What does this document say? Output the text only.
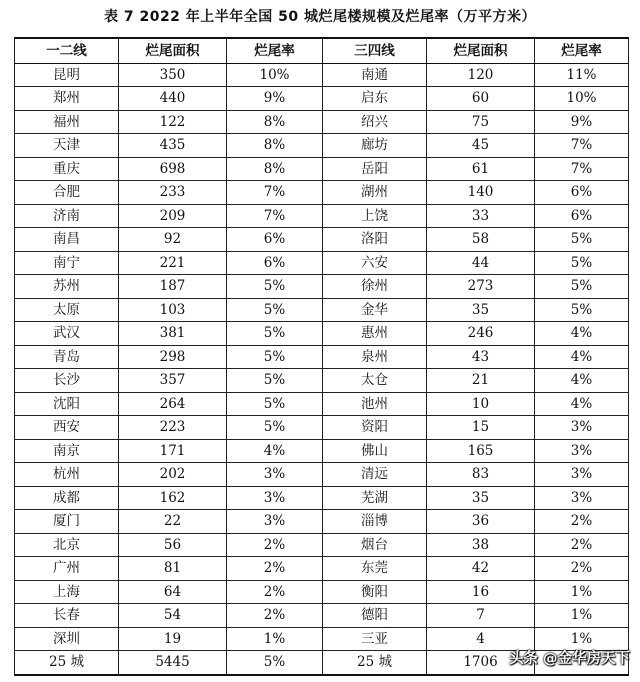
表 7 2022 年上半年全国 50 城烂尾楼规模及烂尾率（万平方米）
一二线	烂尾面积	烂尾率	三四线	烂尾面积	烂尾率
昆明	350	10%	南通	120	11%
郑州	440	9%	启东	60	10%
福州	122	8%	绍兴	75	9%
天津	435	8%	廊坊	45	7%
重庆	698	8%	岳阳	61	7%
合肥	233	7%	湖州	140	6%
济南	209	7%	上饶	33	6%
南昌	92	6%	洛阳	58	5%
南宁	221	6%	六安	44	5%
苏州	187	5%	徐州	273	5%
太原	103	5%	金华	35	5%
武汉	381	5%	惠州	246	4%
青岛	298	5%	泉州	43	4%
长沙	357	5%	太仓	21	4%
沈阳	264	5%	池州	10	4%
西安	223	5%	资阳	15	3%
南京	171	4%	佛山	165	3%
杭州	202	3%	清远	83	3%
成都	162	3%	芜湖	35	3%
厦门	22	3%	淄博	36	2%
北京	56	2%	烟台	38	2%
广州	81	2%	东莞	42	2%
上海	64	2%	衡阳	16	1%
长春	54	2%	德阳	7	1%
深圳	19	1%	三亚	4	1%
25 城	5445	5%	25 城	1706	头条 @金华房天下
